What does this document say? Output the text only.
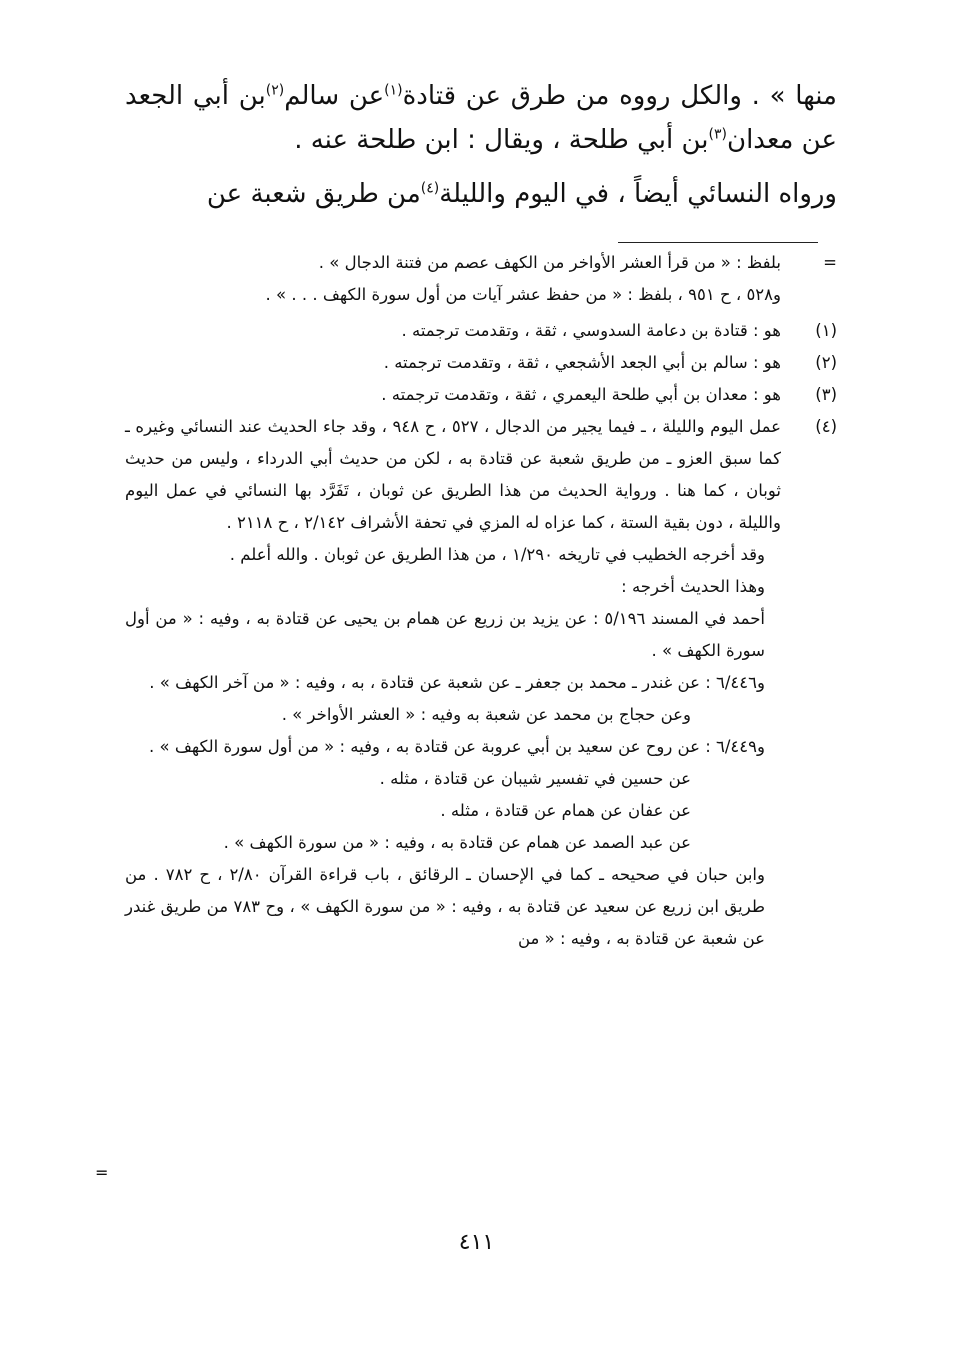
منها » . والكل رووه من طرق عن قتادة$^{(١)}$عن سالم$^{(٢)}$بن أبي الجعد عن معدان$^{(٣)}$بن أبي طلحة ، ويقال : ابن طلحة عنه .

ورواه النسائي أيضاً ، في اليوم والليلة$^{(٤)}$من طريق شعبة عن

=
بلفظ : « من قرأ العشر الأواخر من الكهف عصم من فتنة الدجال » .
و٥٢٨ ، ح ٩٥١ ، بلفظ : « من حفظ عشر آيات من أول سورة الكهف . . . » .
(١)
هو : قتادة بن دعامة السدوسي ، ثقة ، وتقدمت ترجمته .
(٢)
هو : سالم بن أبي الجعد الأشجعي ، ثقة ، وتقدمت ترجمته .
(٣)
هو : معدان بن أبي طلحة اليعمري ، ثقة ، وتقدمت ترجمته .
(٤)
عمل اليوم والليلة ، ـ فيما يجير من الدجال ، ٥٢٧ ، ح ٩٤٨ ، وقد جاء الحديث عند النسائي وغيره ـ كما سبق العزو ـ من طريق شعبة عن قتادة به ، لكن من حديث أبي الدرداء ، وليس من حديث ثوبان ، كما هنا . ورواية الحديث من هذا الطريق عن ثوبان ، تَفَرَّد بها النسائي في عمل اليوم والليلة ، دون بقية الستة ، كما عزاه له المزي في تحفة الأشراف ٢/١٤٢ ، ح ٢١١٨ .
وقد أخرجه الخطيب في تاريخه ١/٢٩٠ ، من هذا الطريق عن ثوبان . والله أعلم .
وهذا الحديث أخرجه :
أحمد في المسند ٥/١٩٦ : عن يزيد بن زريع عن همام بن يحيى عن قتادة به ، وفيه : « من أول سورة الكهف » .
و٦/٤٤٦ : عن غندر ـ محمد بن جعفر ـ عن شعبة عن قتادة ، به ، وفيه : « من آخر الكهف » .
وعن حجاج بن محمد عن شعبة به وفيه : « العشر الأواخر » .
و٦/٤٤٩ : عن روح عن سعيد بن أبي عروبة عن قتادة به ، وفيه : « من أول سورة الكهف » .
عن حسين في تفسير شيبان عن قتادة ، مثله .
عن عفان عن همام عن قتادة ، مثله .
عن عبد الصمد عن همام عن قتادة به ، وفيه : « من سورة الكهف » .
وابن حبان في صحيحه ـ كما في الإحسان ـ الرقائق ، باب قراءة القرآن ٢/٨٠ ، ح ٧٨٢ . من طريق ابن زريع عن سعيد عن قتادة به ، وفيه : « من سورة الكهف » ، وح ٧٨٣ من طريق غندر عن شعبة عن قتادة به ، وفيه : « من
=
٤١١
